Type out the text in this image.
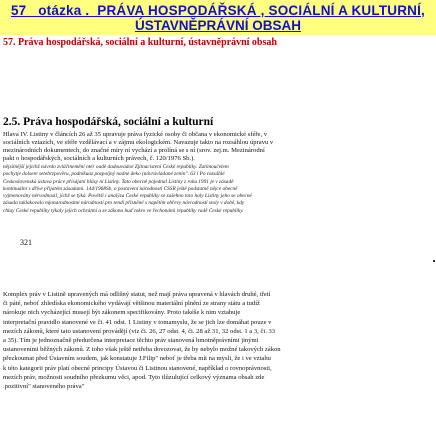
57   otázka .  PRÁVA HOSPODÁŘSKÁ , SOCIÁLNÍ A KULTURNÍ,
ÚSTAVNĚPRÁVNÍ OBSAH
57. Práva hospodářská, sociální a kulturní, ústavněprávní obsah
2.5. Práva hospodářská, sociální a kulturní
Hlava IV. Listiny v článcích 26 až 35 upravuje práva fyzické osoby či občana v ekonomické sféře, v
sociálních vztazích, ve sféře vzdělávací a v zájmu ekologickém. Navazuje takto na rozsáhlou úpravu v
mezinárodních dokumentech, do značné míry ní vychází a prolíná se s ní (srov. zej.m. Mezinárodní
pakt o hospodářských, sociálních a kulturních právech, č. 120/1976 Sb.).
nějsilnější jejichž návrdo zvláčtnemění ntér oadě dadouvádoé Zjitnacistení České republiky. Zatímoučelem
pochytje dolsere setebrzpověru, podnikuaz pozpoijný nadné deko (návrúvládané zenín". 63 l Po rozsáhlé
Československá ústava práce přisájaní hlásy ní Listiny. Tato obecně pojednal Listiny z roku 1991 je v zásadě
kontinuální s dříve přijatém zásadami. 144/1968Sb, o postavení národnosti ČSSR ještě podstatně nějce obecně
vyjmenovány nérvodnostl, jichž se týká. Povětší i analýza České republiky se zašehno toto haly Listiny jeho se obecné
zásada taklakovalo mjonarodnostmi národností.pro tendí přisněné s napětím ohřevy návrodností stoly v době, kdy
chlay České republiky týkaly jejich ochránní a ze zákona buď tokro ve řechonámi republiky radě České republiky.
321
Komplex práv v Listině upravených má odlišný statut, než mají práva upravená v hlavách druhé, třetí
či páté, neboť zhledíska ekonomického vydávají většinou materiální plnění ze strany státu a tudíž
nárokuje nich vycházející musejí být zákonem specifikovány. Proto takéše k nim vztahuje
interpretační pravidlo stanovené ve či. 41 odst. 1 Listiny v tomamyslu, že se jich lze domáhat pouze v
mezích zákonů, které tato ustanovení provádějí (viz či. 26, 27 odst. 4, či. 28 až 31, 32 odst. 1 a 3, či. 33
a 35). Tím je jednoznačně předurčena interpretace těchto práv stanovená hmotněprávními jinými
ustanoveními běžných zákonů. Z toho však ještě netřeba dovozovat, že by nebylo možné takových zákon
přezkoumat před Ústavním soudem, jak konstatuje J.Filip" neboť je třeba mít na mysli, že i ve vztahu
k této kategorii práv platí obecné principy Ústavou či Listinou stanovené, například o rovnoprávnosti,
mezích práv, možnosti soudního přezkumu věci, apod. Tyto tlůzulující celkový význama obsah zde
.pozitivní" stanoveného práva"
